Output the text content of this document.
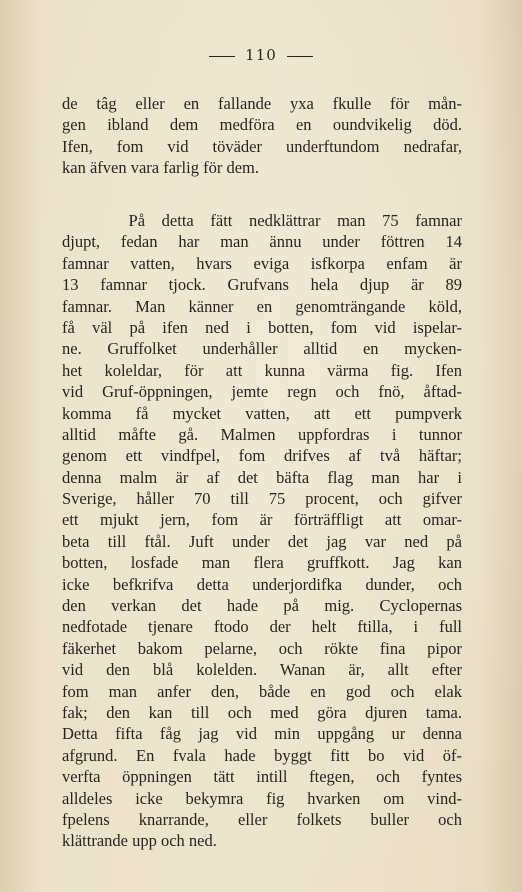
110
de tâg eller en fallande yxa fkulle för mån-
gen ibland dem medföra en oundvikelig död.
Ifen, fom vid töväder underftundom nedrafar,
kan äfven vara farlig för dem.
På detta fätt nedklättrar man 75 famnar
djupt, fedan har man ännu under föttren 14
famnar vatten, hvars eviga isfkorpa enfam är
13 famnar tjock. Grufvans hela djup är 89
famnar. Man känner en genomträngande köld,
få väl på ifen ned i botten, fom vid ispelar-
ne. Gruffolket underhåller alltid en mycken-
het koleldar, för att kunna värma fig. Ifen
vid Gruf-öppningen, jemte regn och fnö, åftad-
komma få mycket vatten, att ett pumpverk
alltid måfte gå. Malmen uppfordras i tunnor
genom ett vindfpel, fom drifves af två häftar;
denna malm är af det bäfta flag man har i
Sverige, håller 70 till 75 procent, och gifver
ett mjukt jern, fom är förträffligt att omar-
beta till ftål. Juft under det jag var ned på
botten, losfade man flera gruffkott. Jag kan
icke befkrifva detta underjordifka dunder, och
den verkan det hade på mig. Cyclopernas
nedfotade tjenare ftodo der helt ftilla, i full
fäkerhet bakom pelarne, och rökte fina pipor
vid den blå kolelden. Wanan är, allt efter
fom man anfer den, både en god och elak
fak; den kan till och med göra djuren tama.
Detta fifta fåg jag vid min uppgång ur denna
afgrund. En fvala hade byggt fitt bo vid öf-
verfta öppningen tätt intill ftegen, och fyntes
alldeles icke bekymra fig hvarken om vind-
fpelens knarrande, eller folkets buller och
klättrande upp och ned.
